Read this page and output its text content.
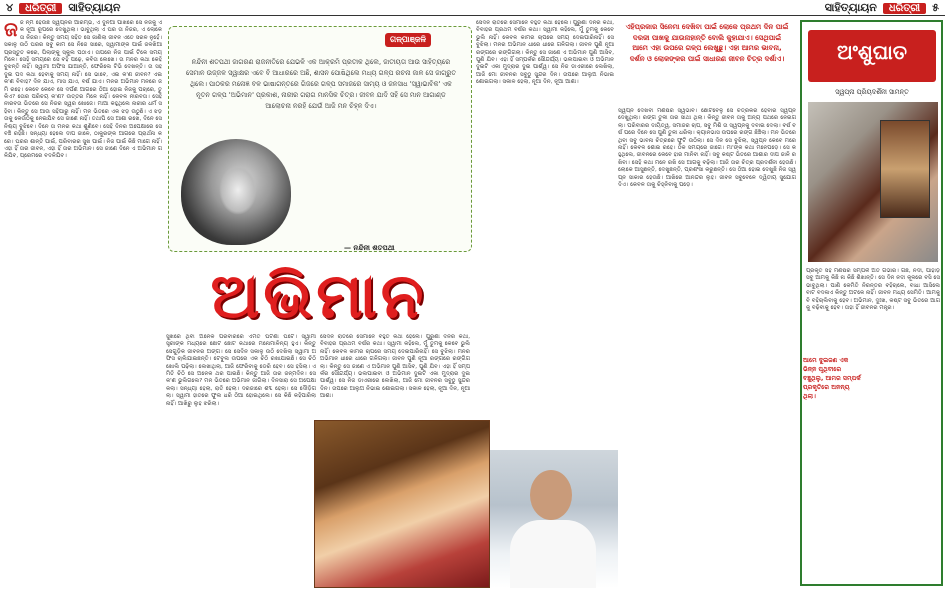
୪	ଧରିତ୍ରୀ	ସାହିତ୍ୟାୟନ	ସାହିତ୍ୟାୟନ	ଧରିତ୍ରୀ	୫
ଜ ଜ ନ୍ମ ହେଉଛି ସ୍ୱପ୍ନର ଆରମ୍ଭ, ଏ ଦୁନିଆ ପାଖରେ ସେ ନିଜକୁ ଏକ ନୂଆ ରୂପରେ ଦେଖୁଥିଲା। ଭାବୁଥିଲା ଏ ଘର ତା ନିଜର, ଏ ଲୋକେ ତା ନିଜର। କିନ୍ତୁ ସମୟ ସହିତ ସେ ଜାଣିଲା ଜୀବନ ଏତେ ସରଳ ନୁହେଁ। ସକାଳୁ ଉଠି ଘରର ସବୁ କାମ ସେ ନିଜେ ସାରେ, ସ୍ୱାମୀଙ୍କ ପାଇଁ ଜଳଖିଆ ପ୍ରସ୍ତୁତ କରେ, ପିଲାଙ୍କୁ ସ୍କୁଲ ପଠାଏ। ତାପରେ ନିଜ ପାଇଁ ଟିକେ ସମୟ ମିଳେ। ସେହି ସମୟରେ ସେ ବହି ପଢ଼େ, କବିତା ଲେଖେ। ତା ମନର କଥା କେହି ବୁଝନ୍ତି ନାହିଁ। ସ୍ୱାମୀ ଅଫିସ ଯାଆନ୍ତି, ଫେରିଲେ ଟିଭି ଦେଖନ୍ତି। ତା ସହ ଦୁଇ ପଦ କଥା ହେବାକୁ ସମୟ ନାହିଁ। ସେ ଭାବେ, ଏଇ କ'ଣ ଜୀବନ? ଏଇ କ'ଣ ବିବାହ? ଦିନ ଯାଏ, ମାସ ଯାଏ, ବର୍ଷ ଯାଏ। ମନର ଅଭିମାନ ମନରେ ଜମି ରହେ। କେବେ କେବେ ସେ ଦର୍ପଣ ଆଗରେ ଠିଆ ହୋଇ ନିଜକୁ ପଚାରେ, ତୁ କିଏ? ତୋର ପରିଚୟ କ'ଣ? ଉତ୍ତର ମିଳେ ନାହିଁ। କେବଳ ନୀରବତା। ସେହି ନୀରବତା ଭିତରେ ସେ ନିଜର ସ୍ୱର ଖୋଜେ। ମାଆ କହୁଥିଲେ ନାରୀର ଧର୍ମ ସହିବା। କିନ୍ତୁ ସେ ଆଉ ସହିପାରୁ ନାହିଁ। ମନ ଭିତରେ ଏକ ଝଡ଼ ଉଠୁଛି। ଏ ଝଡ଼ ତାକୁ କେଉଁଠିକୁ ନେଇଯିବ ସେ ଜାଣେ ନାହିଁ। ତଥାପି ସେ ଆଶା ରଖେ, ଦିନେ ସେ ନିଶ୍ଚୟ ବୁଝିବେ। ଦିନେ ତା ମନର କଥା ଶୁଣିବେ। ସେହି ଦିନର ଅପେକ୍ଷାରେ ସେ ବଞ୍ଚି ରହିଛି। ସନ୍ଧ୍ୟା ହେଲେ ଦୀପ ଜାଳେ, ଠାକୁରଙ୍କ ଆଗରେ ପ୍ରାର୍ଥନା କରେ। ଘରର ଶାନ୍ତି ପାଇଁ, ପରିବାରର ସୁଖ ପାଇଁ। ନିଜ ପାଇଁ କିଛି ମାଗେ ନାହିଁ। ଏହା ହିଁ ତାର ଜୀବନ, ଏହା ହିଁ ତାର ଅଭିମାନ। ସେ ଜାଣେ ଦିନେ ଏ ଅଭିମାନ ଗଳିଯିବ, ପ୍ରେମରେ ବଦଳିଯିବ।
ଗଳ୍ପାଞ୍ଜଳି
ନନ୍ଦିନୀ ଶତପଥୀ ଜାଗରଣ ରାଜନୀତିରେ ଯେଭଳି ଏକ ଆକ୍ରମି ପ୍ରତୀକ ଥିଲେ, ଜାତୀୟତା ଆଉ ସାହିତ୍ୟରେ ସେମାନ ଉଜ୍ଜଳ ସ୍ୱାକ୍ଷର ଏବେ ବି ଆଧାରରେ ଅଛି, ଶାସନ ପୋଷିଥିଲେ ମଧ୍ୟ ଗଳ୍ପ ରଚନା ଜାଳ ସେ ଜାଗ୍ରୁତ ଥିଲେ। ପାଠକର ମନୋଜ୍ଞ ବଳ ଭାଷାଗନ୍ତରେ ଗିଜରେ ଗଳ୍ପ ସମାଜରେ ସାମ୍ୟ ଓ ଜନସାଧ 'ସ୍ୱାଭାବିକ' ଏକ ନୂତନ ଗଳ୍ପ 'ଅଭିମାନ' ପ୍ରକାଶ, ନାରୀର ଗରାଗ ମାନସିକ ଚିତ୍ର। ଜୀବନ ଯାଦି ସହି ସେ ମାନ ଆଗାଣ୍ଡ ଆଲୋଚନା ନରହି ଯେଉଁ ଆଜି ମନ ଚିହ୍ନ ଦିଏ।
— ନନ୍ଦିନୀ ଶତପଥୀ
ଅଭିମାନ
ସୁଖରେ ଥିବା ଅନେକ ପରିବାରରେ ଏମିତି ଘଟଣା ଘଟେ। ସ୍ୱାମୀ ସ୍ତ୍ରୀଙ୍କ ମଧ୍ୟରେ ଛୋଟ ଛୋଟ କଥାରେ ମନୋମାଳିନ୍ୟ ହୁଏ। କିନ୍ତୁ ସେଗୁଡ଼ିକ ଜୀବନର ଅଙ୍ଗ। ସେ ସେଦିନ ସକାଳୁ ଉଠି ଦେଖିଲା ସ୍ୱାମୀ ଅଫିସ ଚାଲିଯାଇଛନ୍ତି। ଟେବୁଲ ଉପରେ ଏକ ଚିଠି ରଖାଯାଇଛି। ସେ ଚିଠି ଖୋଲି ପଢ଼ିଲା। ଲେଖାଥିଲା, ଆଜି ଫେରିବାକୁ ଡେରି ହେବ। ସେ ହସିଲା। ଏମିତି ଚିଠି ସେ ଅନେକ ଥର ପାଇଛି। କିନ୍ତୁ ଆଜି ତାର ଜନ୍ମଦିନ। ସେ କ'ଣ ଭୁଲିଗଲେ? ମନ ଭିତରେ ଅଭିମାନ ଜାଗିଲା। ଦିନସାରା ସେ ଅପେକ୍ଷା କଲା। ସନ୍ଧ୍ୟା ହେଲା, ରାତି ହେଲା। ଦରଜାରେ ଶବ୍ଦ ହେଲା। ସେ ଦୌଡ଼ିଗଲା। ସ୍ୱାମୀ ହାତରେ ଫୁଲ ଧରି ଠିଆ ହୋଇଥିଲେ। ସେ କିଛି କହିପାରିଲା ନାହିଁ। ଆଖିରୁ ଲୁହ ଝରିଲା।
ସେଦିନ ରାତିରେ ସେମାନେ ବହୁତ କଥା ହେଲେ। ପୁରୁଣା ଦିନର କଥା, ବିବାହର ପ୍ରଥମ ବର୍ଷର କଥା। ସ୍ୱାମୀ କହିଲେ, ମୁଁ ତୁମକୁ କେବେ ଭୁଲି ନାହିଁ। କେବଳ କାମର ଚାପରେ ସମୟ ଦେଇପାରିନାହିଁ। ସେ ବୁଝିଲା। ମନର ଅଭିମାନ ଧୀରେ ଧୀରେ ଗଳିଗଲା। ଜୀବନ ପୁଣି ନୂଆ ରଙ୍ଗରେ ରଙ୍ଗିଗଲା। କିନ୍ତୁ ସେ ଜାଣେ ଏ ଅଭିମାନ ପୁଣି ଆସିବ, ପୁଣି ଯିବ। ଏହା ହିଁ ସମ୍ପର୍କର ସୌନ୍ଦର୍ଯ୍ୟ। ଭଲପାଇବା ଓ ଅଭିମାନ ଦୁଇଟି ଏକା ମୁଦ୍ରାର ଦୁଇ ପାର୍ଶ୍ୱ। ସେ ନିଜ ଡାଏରୀରେ ଲେଖିଲା, ଆଜି ମୋ ଜୀବନର ସବୁଠୁ ସୁନ୍ଦର ଦିନ। ତାପରେ ଆଲୁଅ ନିଭାଇ ଶୋଇଗଲା। ସକାଳ ହେଲା, ନୂଆ ଦିନ, ନୂଆ ଆଶା।
ସେଦିନ ରାତିରେ ସେମାନେ ବହୁତ କଥା ହେଲେ। ପୁରୁଣା ଦିନର କଥା, ବିବାହର ପ୍ରଥମ ବର୍ଷର କଥା। ସ୍ୱାମୀ କହିଲେ, ମୁଁ ତୁମକୁ କେବେ ଭୁଲି ନାହିଁ। କେବଳ କାମର ଚାପରେ ସମୟ ଦେଇପାରିନାହିଁ। ସେ ବୁଝିଲା। ମନର ଅଭିମାନ ଧୀରେ ଧୀରେ ଗଳିଗଲା। ଜୀବନ ପୁଣି ନୂଆ ରଙ୍ଗରେ ରଙ୍ଗିଗଲା। କିନ୍ତୁ ସେ ଜାଣେ ଏ ଅଭିମାନ ପୁଣି ଆସିବ, ପୁଣି ଯିବ। ଏହା ହିଁ ସମ୍ପର୍କର ସୌନ୍ଦର୍ଯ୍ୟ। ଭଲପାଇବା ଓ ଅଭିମାନ ଦୁଇଟି ଏକା ମୁଦ୍ରାର ଦୁଇ ପାର୍ଶ୍ୱ। ସେ ନିଜ ଡାଏରୀରେ ଲେଖିଲା, ଆଜି ମୋ ଜୀବନର ସବୁଠୁ ସୁନ୍ଦର ଦିନ। ତାପରେ ଆଲୁଅ ନିଭାଇ ଶୋଇଗଲା। ସକାଳ ହେଲା, ନୂଆ ଦିନ, ନୂଆ ଆଶା।
ଏହିପ୍ରକାର ସିନେମା ଦେଖିବା ପାଇଁ ଲୋକେ ପ୍ରଥମ ଦିନ ପାଇଁ ଦରଜୀ ପାଖକୁ ଯାଉନାହାନ୍ତି ବୋଲି କୁହାଯାଏ। ସେଥିପାଇଁ ଆମେ ଏହା ଉପରେ ଗଳ୍ପ ଲେଖୁଛୁ। ଏହା ଆମର ଭାବନା, ଦର୍ଶନ ଓ ଲୋକଙ୍କର ପାଇଁ ସାଧାରଣ ଜୀବନ ଚିତ୍ର ଦର୍ଶାଏ।
ସ୍ୱପ୍ନ ଦେଖିବା ମଣିଷର ସ୍ୱଭାବ। ଛୋଟବେଳୁ ସେ ଚିତ୍ରକର ହେବାର ସ୍ୱପ୍ନ ଦେଖୁଥିଲା। ରଙ୍ଗ ତୁଳୀ ତାର ସାଥୀ ଥିଲା। କିନ୍ତୁ ଜୀବନ ତାକୁ ଅନ୍ୟ ପଥରେ ନେଇଗଲା। ପରିବାରର ଦାୟିତ୍ୱ, ସମାଜର ଚାପ, ସବୁ ମିଶି ତା ସ୍ୱପ୍ନକୁ ଦବାଇ ଦେଲା। ବର୍ଷ ବର୍ଷ ପରେ ଦିନେ ସେ ପୁଣି ତୁଳୀ ଧରିଲା। କ୍ୟାନଭାସ ଉପରେ ରଙ୍ଗ ଛିଞ୍ଚିଲା। ମନ ଭିତରେ ଥିବା ସବୁ ଭାବନା ଚିତ୍ରରେ ଫୁଟି ଉଠିଲା। ସେ ଦିନ ସେ ବୁଝିଲା, ସ୍ୱପ୍ନ କେବେ ମରେ ନାହିଁ। କେବଳ ଶୋଇ ରହେ। ଠିକ ସମୟରେ ଜାଗେ। ମା'ଙ୍କ କଥା ମନେପଡ଼େ। ସେ କହୁଥିଲେ, ଜୀବନରେ କେବେ ହାର ମାନିବା ନାହିଁ। ସବୁ କଷ୍ଟ ଭିତରେ ଆଶାର ଦୀପ ଜାଳି ରଖିବା। ସେହି କଥା ମନେ ରଖି ସେ ଆଗକୁ ବଢ଼ିଲା। ଆଜି ତାର ଚିତ୍ର ପ୍ରଦର୍ଶନୀ ହେଉଛି। ଲୋକେ ଆସୁଛନ୍ତି, ଦେଖୁଛନ୍ତି, ପ୍ରଶଂସା କରୁଛନ୍ତି। ସେ ଠିଆ ହୋଇ ଦେଖୁଛି ନିଜ ସ୍ୱପ୍ନ ସାକାର ହେଉଛି। ଆଖିରେ ଆନନ୍ଦର ଲୁହ। ଜୀବନ ସବୁବେଳେ ଦ୍ୱିତୀୟ ସୁଯୋଗ ଦିଏ। କେବଳ ତାକୁ ଚିହ୍ନିବାକୁ ପଡ଼େ।
ଅଂଶୁଘାତ
ସ୍ୱପ୍ନା ପ୍ରିୟଦର୍ଶିନୀ ସାମନ୍ତ
ପ୍ରକୃତି ସହ ମଣିଷର ସମ୍ପର୍କ ଅତି ଗଭୀର। ଗଛ, ନଦୀ, ପାହାଡ଼ ସବୁ ଆମକୁ କିଛି ନା କିଛି ଶିଖାନ୍ତି। ସେ ଦିନ ନଦୀ କୂଳରେ ବସି ସେ ଭାବୁଥିଲା। ପାଣି କେମିତି ନିରନ୍ତର ବହିଚାଲେ, ବାଧା ଆସିଲେ ବାଟ ବଦଳାଏ କିନ୍ତୁ ଅଟକେ ନାହିଁ। ଜୀବନ ମଧ୍ୟ ସେମିତି। ଆମକୁ ବି ବହିଚାଲିବାକୁ ହେବ। ଅଭିମାନ, ଦୁଃଖ, କଷ୍ଟ ସବୁ ଭିତରେ ଆଗକୁ ବଢ଼ିବାକୁ ହେବ। ତାହା ହିଁ ଜୀବନର ମନ୍ତ୍ର।
ଆମେ ଦୁଇଜଣ ଏକ ଭିନ୍ନ ପୃଥିବୀରେ ବଞ୍ଚୁଥିଲୁ, ଆମର ସମ୍ପର୍କ ପ୍ରକୃତିରେ ଅନନ୍ୟ ଥିଲା।
